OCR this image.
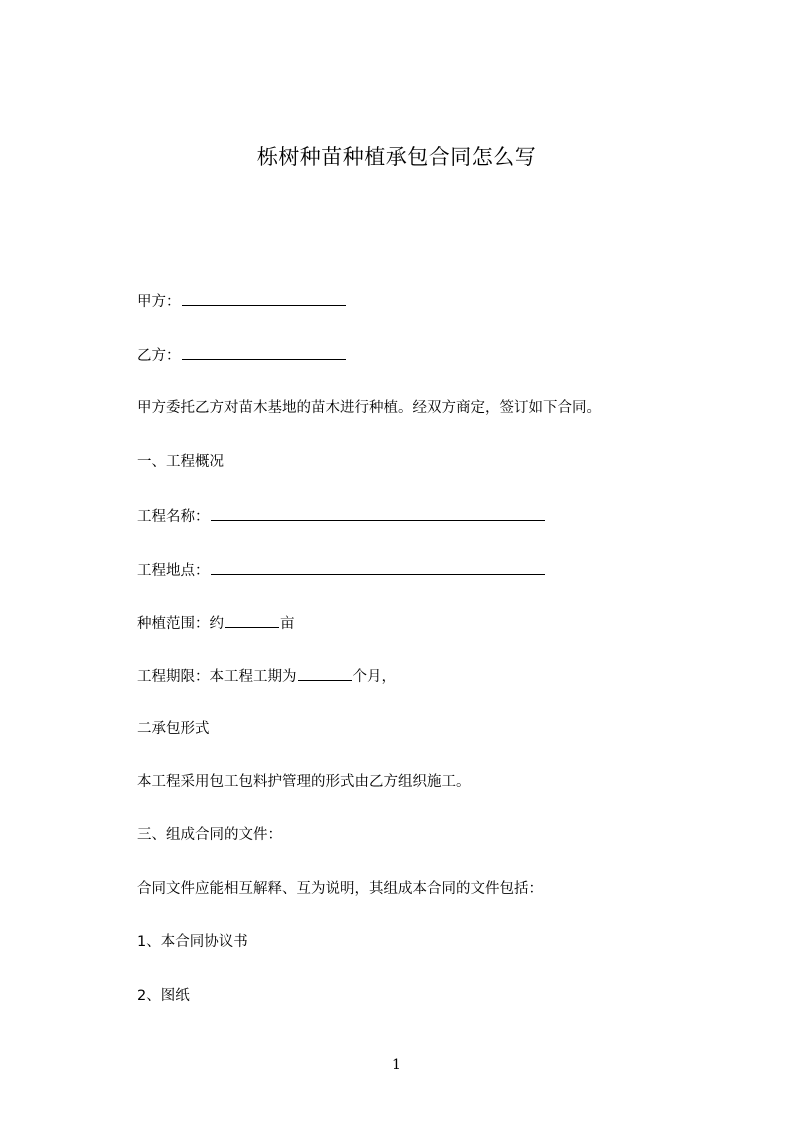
栎树种苗种植承包合同怎么写
甲方：
乙方：
甲方委托乙方对苗木基地的苗木进行种植。经双方商定，签订如下合同。
一、工程概况
工程名称：
工程地点：
种植范围：约	亩
工程期限：本工程工期为	个月，
二承包形式
本工程采用包工包料护管理的形式由乙方组织施工。
三、组成合同的文件：
合同文件应能相互解释、互为说明，其组成本合同的文件包括：
1、本合同协议书
2、图纸
1
